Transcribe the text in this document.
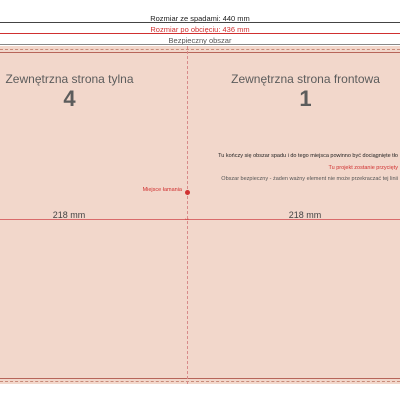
Rozmiar ze spadami: 440 mm
Rozmiar po obcięciu: 436 mm
Bezpieczny obszar
Miejsce łamania
Zewnętrzna strona tylna
4
Zewnętrzna strona frontowa
1
Tu kończy się obszar spadu i do tego miejsca powinno być dociągnięte tło
Tu projekt zostanie przycięty
Obszar bezpieczny - żaden ważny element nie może przekraczać tej linii
218 mm	218 mm
↔
